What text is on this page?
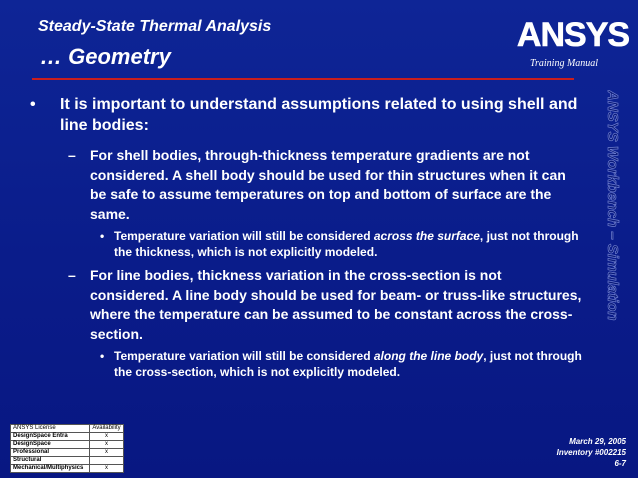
Steady-State Thermal Analysis
… Geometry
ANSYS
Training Manual
ANSYS Workbench – Simulation
• It is important to understand assumptions related to using shell and line bodies:
– For shell bodies, through-thickness temperature gradients are not considered. A shell body should be used for thin structures when it can be safe to assume temperatures on top and bottom of surface are the same.
• Temperature variation will still be considered across the surface, just not through the thickness, which is not explicitly modeled.
– For line bodies, thickness variation in the cross-section is not considered. A line body should be used for beam- or truss-like structures, where the temperature can be assumed to be constant across the cross-section.
• Temperature variation will still be considered along the line body, just not through the cross-section, which is not explicitly modeled.
ANSYS License	Availability
DesignSpace Entra	x
DesignSpace	x
Professional	x
Structural	
Mechanical/Multiphysics	x
March 29, 2005
Inventory #002215
6-7
